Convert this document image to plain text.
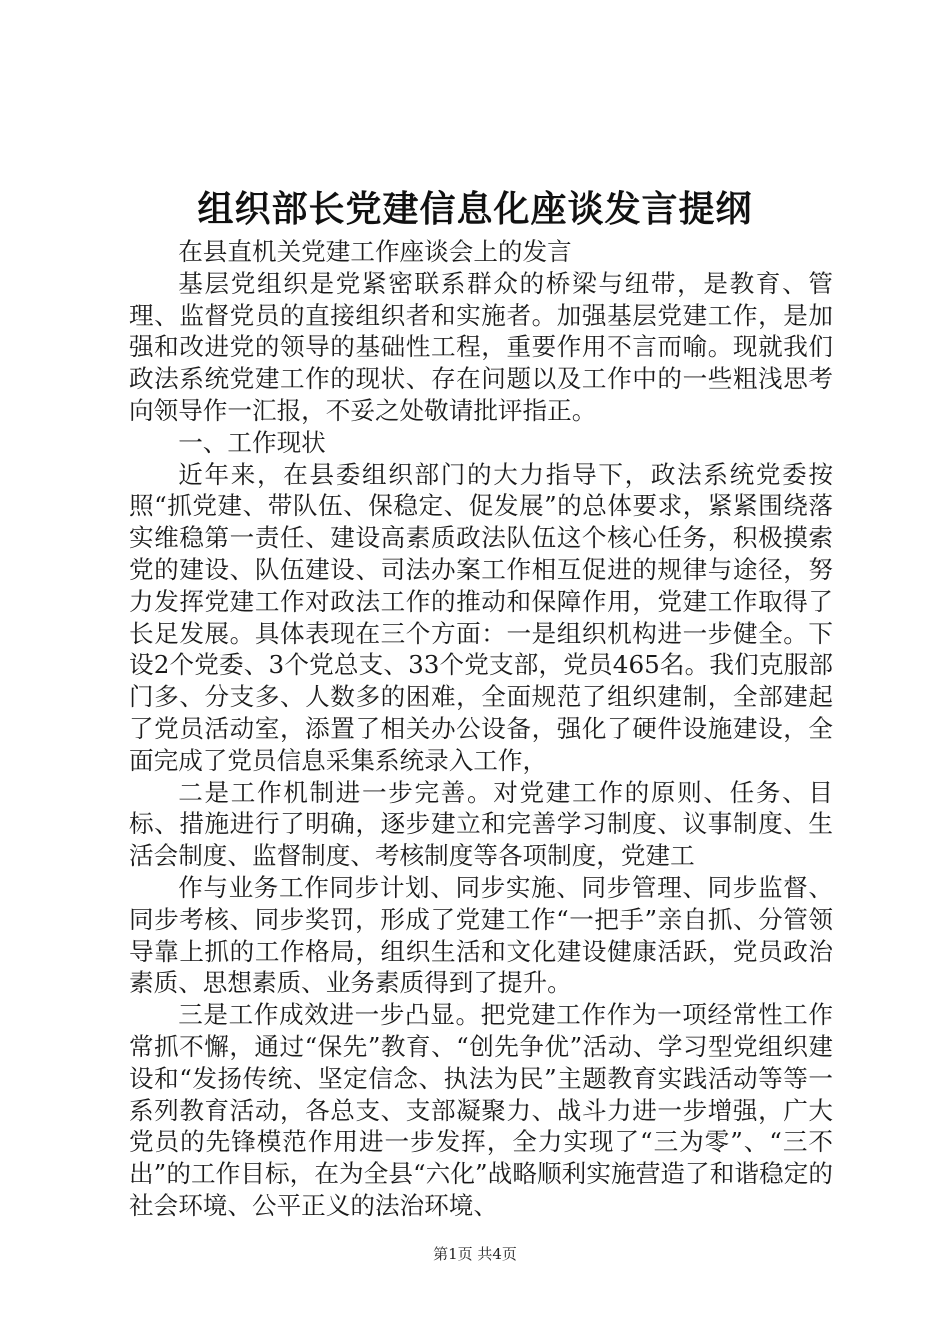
组织部长党建信息化座谈发言提纲

在县直机关党建工作座谈会上的发言

基层党组织是党紧密联系群众的桥梁与纽带，是教育、管理、监督党员的直接组织者和实施者。加强基层党建工作，是加强和改进党的领导的基础性工程，重要作用不言而喻。现就我们政法系统党建工作的现状、存在问题以及工作中的一些粗浅思考向领导作一汇报，不妥之处敬请批评指正。

一、工作现状

近年来，在县委组织部门的大力指导下，政法系统党委按照“抓党建、带队伍、保稳定、促发展”的总体要求，紧紧围绕落实维稳第一责任、建设高素质政法队伍这个核心任务，积极摸索党的建设、队伍建设、司法办案工作相互促进的规律与途径，努力发挥党建工作对政法工作的推动和保障作用，党建工作取得了长足发展。具体表现在三个方面：一是组织机构进一步健全。下设2个党委、3个党总支、33个党支部，党员465名。我们克服部门多、分支多、人数多的困难，全面规范了组织建制，全部建起了党员活动室，添置了相关办公设备，强化了硬件设施建设，全面完成了党员信息采集系统录入工作，

二是工作机制进一步完善。对党建工作的原则、任务、目标、措施进行了明确，逐步建立和完善学习制度、议事制度、生活会制度、监督制度、考核制度等各项制度，党建工

作与业务工作同步计划、同步实施、同步管理、同步监督、同步考核、同步奖罚，形成了党建工作“一把手”亲自抓、分管领导靠上抓的工作格局，组织生活和文化建设健康活跃，党员政治素质、思想素质、业务素质得到了提升。

三是工作成效进一步凸显。把党建工作作为一项经常性工作常抓不懈，通过“保先”教育、“创先争优”活动、学习型党组织建设和“发扬传统、坚定信念、执法为民”主题教育实践活动等等一系列教育活动，各总支、支部凝聚力、战斗力进一步增强，广大党员的先锋模范作用进一步发挥，全力实现了“三为零”、“三不出”的工作目标，在为全县“六化”战略顺利实施营造了和谐稳定的社会环境、公平正义的法治环境、

第1页 共4页
